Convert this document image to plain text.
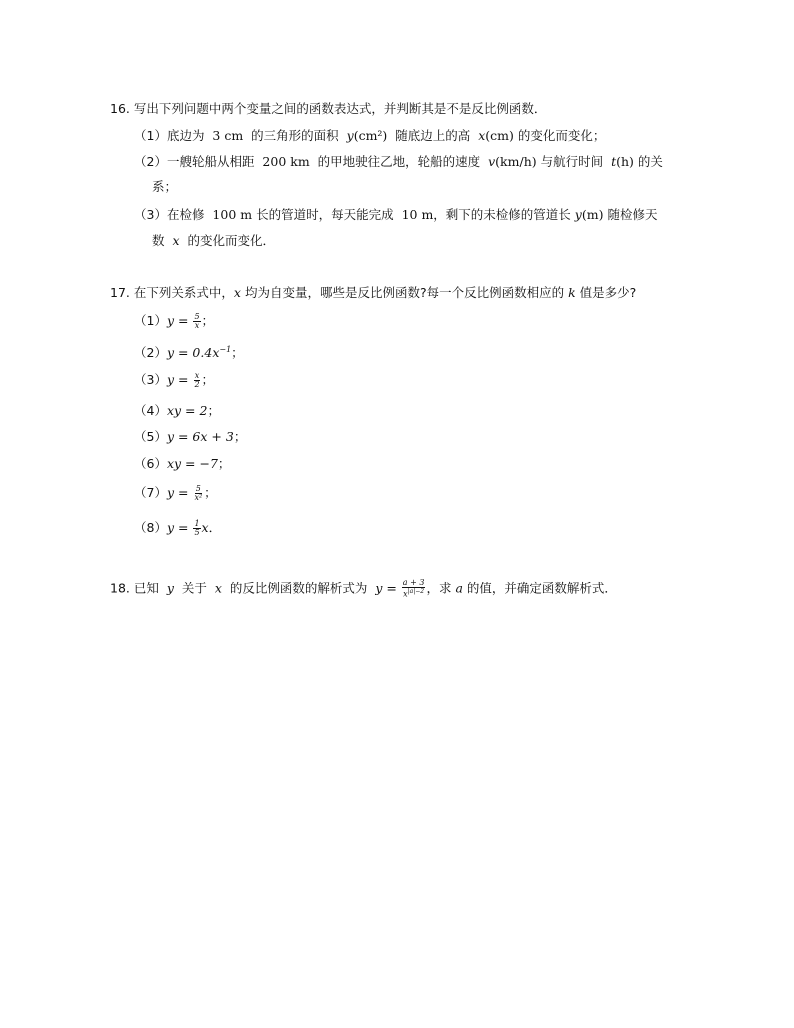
16. 写出下列问题中两个变量之间的函数表达式，并判断其是不是反比例函数．
（1）底边为 3 cm 的三角形的面积 y(cm²) 随底边上的高 x(cm) 的变化而变化；
（2）一艘轮船从相距 200 km 的甲地驶往乙地，轮船的速度 v(km/h) 与航行时间 t(h) 的关
系；
（3）在检修 100 m 长的管道时，每天能完成 10 m，剩下的未检修的管道长 y(m) 随检修天
数 x 的变化而变化．
17. 在下列关系式中，x 均为自变量，哪些是反比例函数?每一个反比例函数相应的 k 值是多少?
$(1)y = \frac{5}{x}$ ；
$(2)y = 0.4x^{-1}$；
$(3)y = \frac{x}{2}$ ；
（4）xy = 2；
（5）y = 6x + 3；
（6）xy = −7；
$(7)y = \frac{5}{\text{x²}}$ ；
$(8)y = \frac{1}{5}$ x．
18. 已知 y 关于 x 的反比例函数的解析式为 $y = \frac{a + 3}{x^{|a|-2}}$ ，求 a 的值，并确定函数解析式．
